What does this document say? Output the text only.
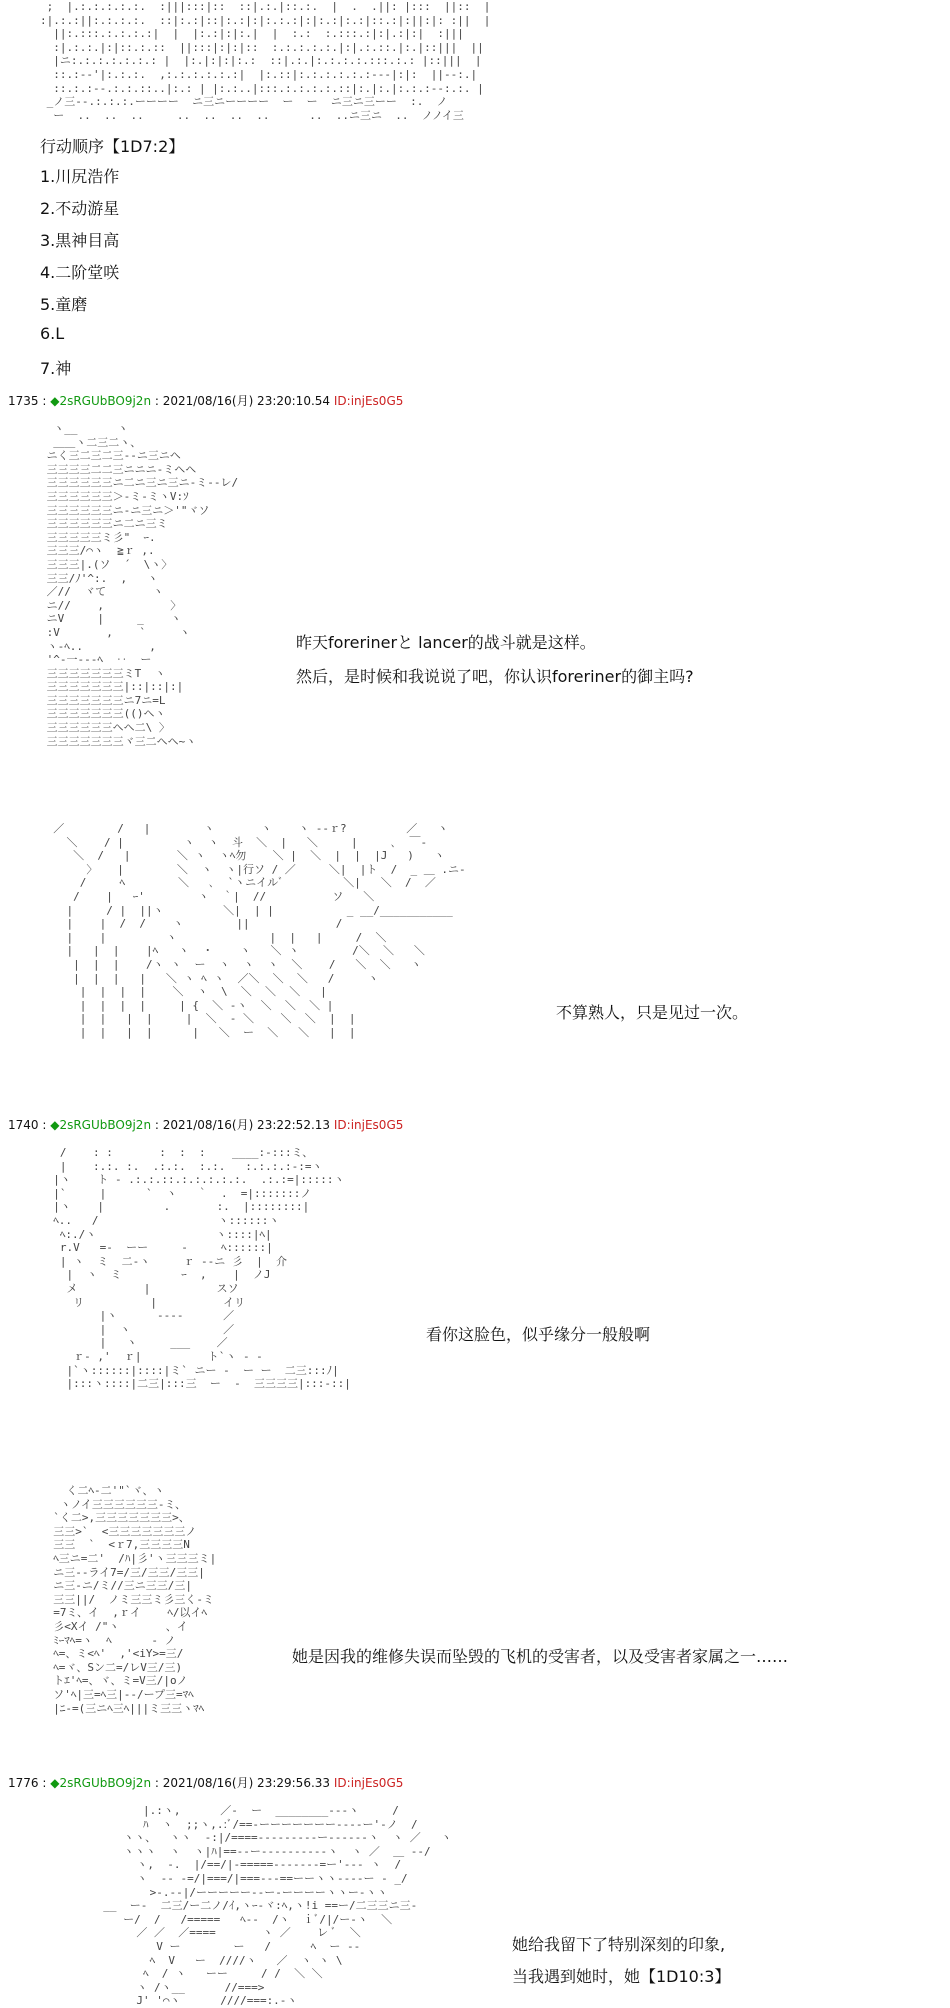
;  |.:.:.:.:.:.  :|||:::|::  ::|.:.|::.:.  |  .  .||: |:::  ||::  |
:|.:.:||:.:.:.:.  ::|:.:|::|:.:|:|:.:.:|:|:.:|:.:|::.:|:||:|: :||  |
||:.:::.:.:.:.:|  |  |:.:|:|:.|  |  :.:  :.:::.:|:|.:|:|  :|||
:|.:.:.|:|::.:.::  ||:::|:|:|::  :.:.:.:.:.|:|.:.::.|:.|::|||  ||
|ニ:.:.:.:.:.:.: |  |:.|:|:|:.:  ::|.:.|:.:.:.:.:::.:.: |::|||  |
::.:--'|:.:.:.  ,:.:.:.:.:.:|  |:.::|:.:.:.:.:.:---|:|:  ||--:.|
::.:.:--.:.:.::..|:.: | |:.:..|:::.:.:.:.:.::|:.|:.|:.:.:--:.:. |
_ノ三--.:.:.:.ーーーー  ニ三ニーーーー  ー  ー  ニ三ニ三ーー  :.  ノ
ー  ..  ..  ..     ..  ..  ..  ..      ..  ..ニ三ニ  ..  ノノイ三
行动顺序【1D7:2】
1.川尻浩作
2.不动游星
3.黒神目高
4.二阶堂咲
5.童磨
6.L
7.神
1735 : ◆2sRGUbBO9j2n : 2021/08/16(月) 23:20:10.54 ID:injEs0G5
ヽ__      ヽ
＿＿ヽ二三二ヽ、
ニく三二三二三--ニ三ニヘ
三三三三二二三ニニニ-ミヘヘ
三三三三三三ニ二ニ三ニ三ニ-ミ--レ/
三三三三三三＞-ミ-ミヽV:ｿ
三三三三三三ニ-ニ三ニ＞'"ヾソ
三三三三三三ニ二ニ三ミ
三三三三三ミ彡"  ｰ.
三三三/⌒ヽ  ≧ｒ ,.
三三三|.(ソ  ´  \ヽ〉
三三/ﾉ'^:.  ,   ヽ
／//  ヾて       ヽ
ニ//    ,          〉
ニV     |     _    ヽ
:V       ,    `     ヽ
ヽ-ﾍ..          ,
'^-一---ﾍ  ‥  ー
三三三三三三三ミT  ヽ
三三三三三三三|::|::|:|
三三三三三三三ニ7ニ=L
三三三三三三三(()ヘヽ
三三三三三三ヘヘ二\ 〉
三三三三三三三ヾ三二ヘヘ~ヽ
昨天forerinerと lancer的战斗就是这样。
然后，是时候和我说说了吧，你认识foreriner的御主吗?
／        /   |        ヽ       ヽ    ヽ --ｒ?         ／   ヽ
＼    / |         ヽ  ヽ  斗  ＼  |   ＼     |     ､  ￣-
＼  /   |       ＼ ヽ  ヽﾍ勿    ＼ |  ＼  |  |  |J   )   ヽ
〉   |        ＼  ヽ  ヽ|行ソ / ／     ＼|  |ト  /  _ ＿ .ニ-
/     ﾍ        ＼   ､  `ヽニイルﾞ         ＼|   ＼  /  ／
/    |   ｰ'        ヽ  ｀|  //          ソ   ＼
|     / |  ||ヽ         ＼|  | |           _ __/___________
|    |  /  /    ヽ        ||             /
|    |         ヽ              |  |   |     /  ＼
|   |  |    |ﾍ   ヽ  ・    ヽ   ＼ ヽ        /＼  ＼   ＼
|  |  |    /ヽ ヽ  ー  ヽ  ヽ  ヽ  ＼    /   ＼  ＼   ヽ
|  |  |   |   ＼ ヽ ﾍ ヽ  ／＼  ＼  ＼   /     ヽ
|  |  |  |    ＼  ヽ  \  ＼  ＼  ＼   |
|  |  |  |     | {  ＼ -ヽ  ＼  ＼  ＼ |
|  |   |  |     |  ＼  - ＼    ＼  ＼  |  |
|  |   |  |      |   ＼  ー  ＼   ＼   |  |
不算熟人，只是见过一次。
1740 : ◆2sRGUbBO9j2n : 2021/08/16(月) 23:22:52.13 ID:injEs0G5
/    : :       :  :  :    ____:-:::ミ、
|    :.:. :.  .:.:.  :.:.   :.:.:.:-:=ヽ
|ヽ    ト - .:.:.::.:.:.:.:.:.  .:.:=|:::::ヽ
|`     |      `  ヽ   ｀  .  =|:::::::ノ
|ヽ    |         .       :.  |::::::::|
ﾍ..   /                  ヽ::::::ヽ
ﾍ:./ヽ                  ヽ::::|ﾍ|
r.V   =-  ーー     -     ﾍ::::::|
| ヽ  ミ  二-ヽ     ｒ --ニ 彡  |  介
|  ヽ  ミ         ｰ  ,    |  ノJ
メ          |          スソ
リ          |          イリ
|ヽ      ----      ／
|  ヽ              ／
|   ヽ     ___    ／
ｒ- ,'  ｒ|          ト`ヽ - -
|`ヽ::::::|::::|ミ` ニー -  ー ー  二三:::ﾉ|
|:::ヽ::::|二三|:::三  ー  -  三三三三|:::-::|
看你这脸色，似乎缘分一般般啊
く二ﾍ-二'"`ヾ、ヽ
ヽノイ三三三三三三-ミ、
`く二>,三三三三三三三>、
三三>`  <三三三三三三三ノ
三三  `  <ｒ7,三三三三N
ﾍ三ニ=二'  /ﾊ|彡'ヽ三三三ミ|
ニ三--ライ7=/三/三三/三三|
ニ三-ニ/ミ//三ニ三三/三|
三三||/  ノミ三三ミ彡三く-ミ
=7ミ、イ  ,ｒイ    ﾍ/以イﾍ
彡<Xイ /"ヽ       、イ
ﾐｰﾏﾍ=ヽ  ﾍ      - ノ
ﾍ=、ミ<ﾍ'  ,'<iY>=三/
ﾍ=ヾ、Sン二=/レV三/三)
トｴ'ﾍ=、ヾ、ミ=V三/|oノ
ソ'ﾍ|三=ﾍ三|--/ープ三=ﾏﾍ
|ﾆ-=(三ニﾍ三ﾍ|||ミ三三ヽﾏﾍ
她是因我的维修失误而坠毁的飞机的受害者，以及受害者家属之一……
1776 : ◆2sRGUbBO9j2n : 2021/08/16(月) 23:29:56.33 ID:injEs0G5
|.:ヽ,      ／-  ー  ________---ヽ     /
ﾊ  ヽ  ;;ヽ,.:ﾞ/==-ーーーーーーー----ー'-ノ  /
ヽヽ、  ヽヽ  -:|/====---------ー------ヽ  ヽ ／   ヽ
ヽヽヽ  ヽ  ヽ|ﾊ|==--ー----------ヽ  ヽ ／  ＿ --/
ヽ,  -.  |/==/|-=====-------=ー'--- ヽ  /
ヽ  -- -=/|===/|===---==ーーヽヽ----ー - _/
>-.--|/ーーーーー--ー-ーーーーヽヽー-ヽヽ
__  ー-  二三/ー二ノ/ｲ,ヽｰ-ヾ:ﾍ,ヽ!i ==ー/二三三ニ三-
ー/  /   /=====   ﾍ--  /ヽ  ｉﾞ/|/ー-ヽ  ＼
／ ／  ／====       ヽ ／    レ ﾞ  ＼
V ー        ー   /      ﾍ  ー --
ﾍ  V   ー  ////ヽ   ／  ヽ ヽ \
ﾍ  / ヽ   ーー     / /  ＼ ＼
ヽ /ヽ__      //===>
J' '⌒ヽ      ////===:.-ヽ
她给我留下了特别深刻的印象,
当我遇到她时，她【1D10:3】
